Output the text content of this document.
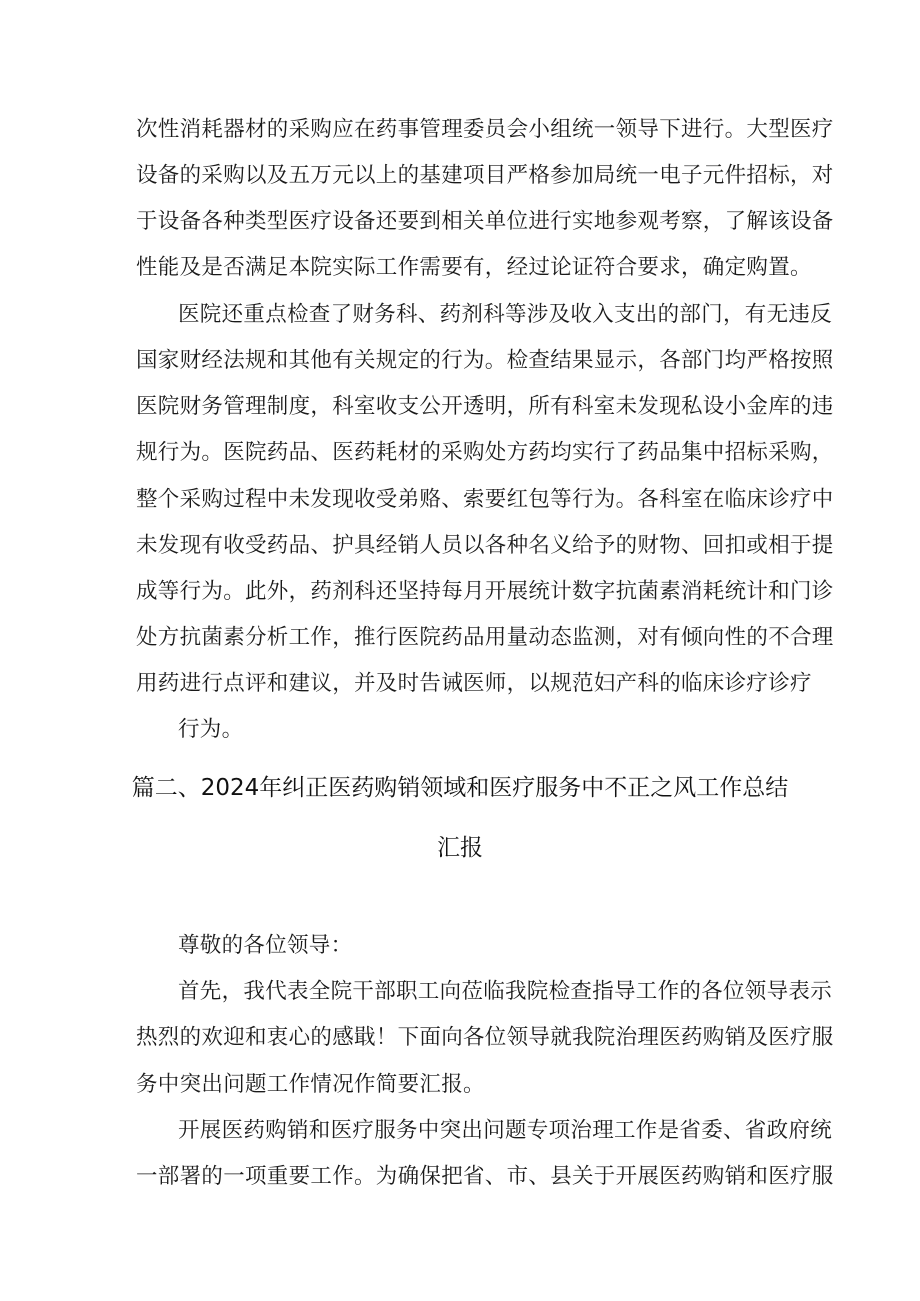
次性消耗器材的采购应在药事管理委员会小组统一领导下进行。大型医疗
设备的采购以及五万元以上的基建项目严格参加局统一电子元件招标，对
于设备各种类型医疗设备还要到相关单位进行实地参观考察，了解该设备
性能及是否满足本院实际工作需要有，经过论证符合要求，确定购置。
医院还重点检查了财务科、药剂科等涉及收入支出的部门，有无违反
国家财经法规和其他有关规定的行为。检查结果显示，各部门均严格按照
医院财务管理制度，科室收支公开透明，所有科室未发现私设小金库的违
规行为。医院药品、医药耗材的采购处方药均实行了药品集中招标采购，
整个采购过程中未发现收受弟赂、索要红包等行为。各科室在临床诊疗中
未发现有收受药品、护具经销人员以各种名义给予的财物、回扣或相于提
成等行为。此外，药剂科还坚持每月开展统计数字抗菌素消耗统计和门诊
处方抗菌素分析工作，推行医院药品用量动态监测，对有倾向性的不合理
用药进行点评和建议，并及时告诫医师，以规范妇产科的临床诊疗诊疗
行为。
篇二、2024年纠正医药购销领域和医疗服务中不正之风工作总结
汇报
尊敬的各位领导：
首先，我代表全院干部职工向莅临我院检查指导工作的各位领导表示
热烈的欢迎和衷心的感戢！下面向各位领导就我院治理医药购销及医疗服
务中突出问题工作情况作简要汇报。
开展医药购销和医疗服务中突出问题专项治理工作是省委、省政府统
一部署的一项重要工作。为确保把省、市、县关于开展医药购销和医疗服
